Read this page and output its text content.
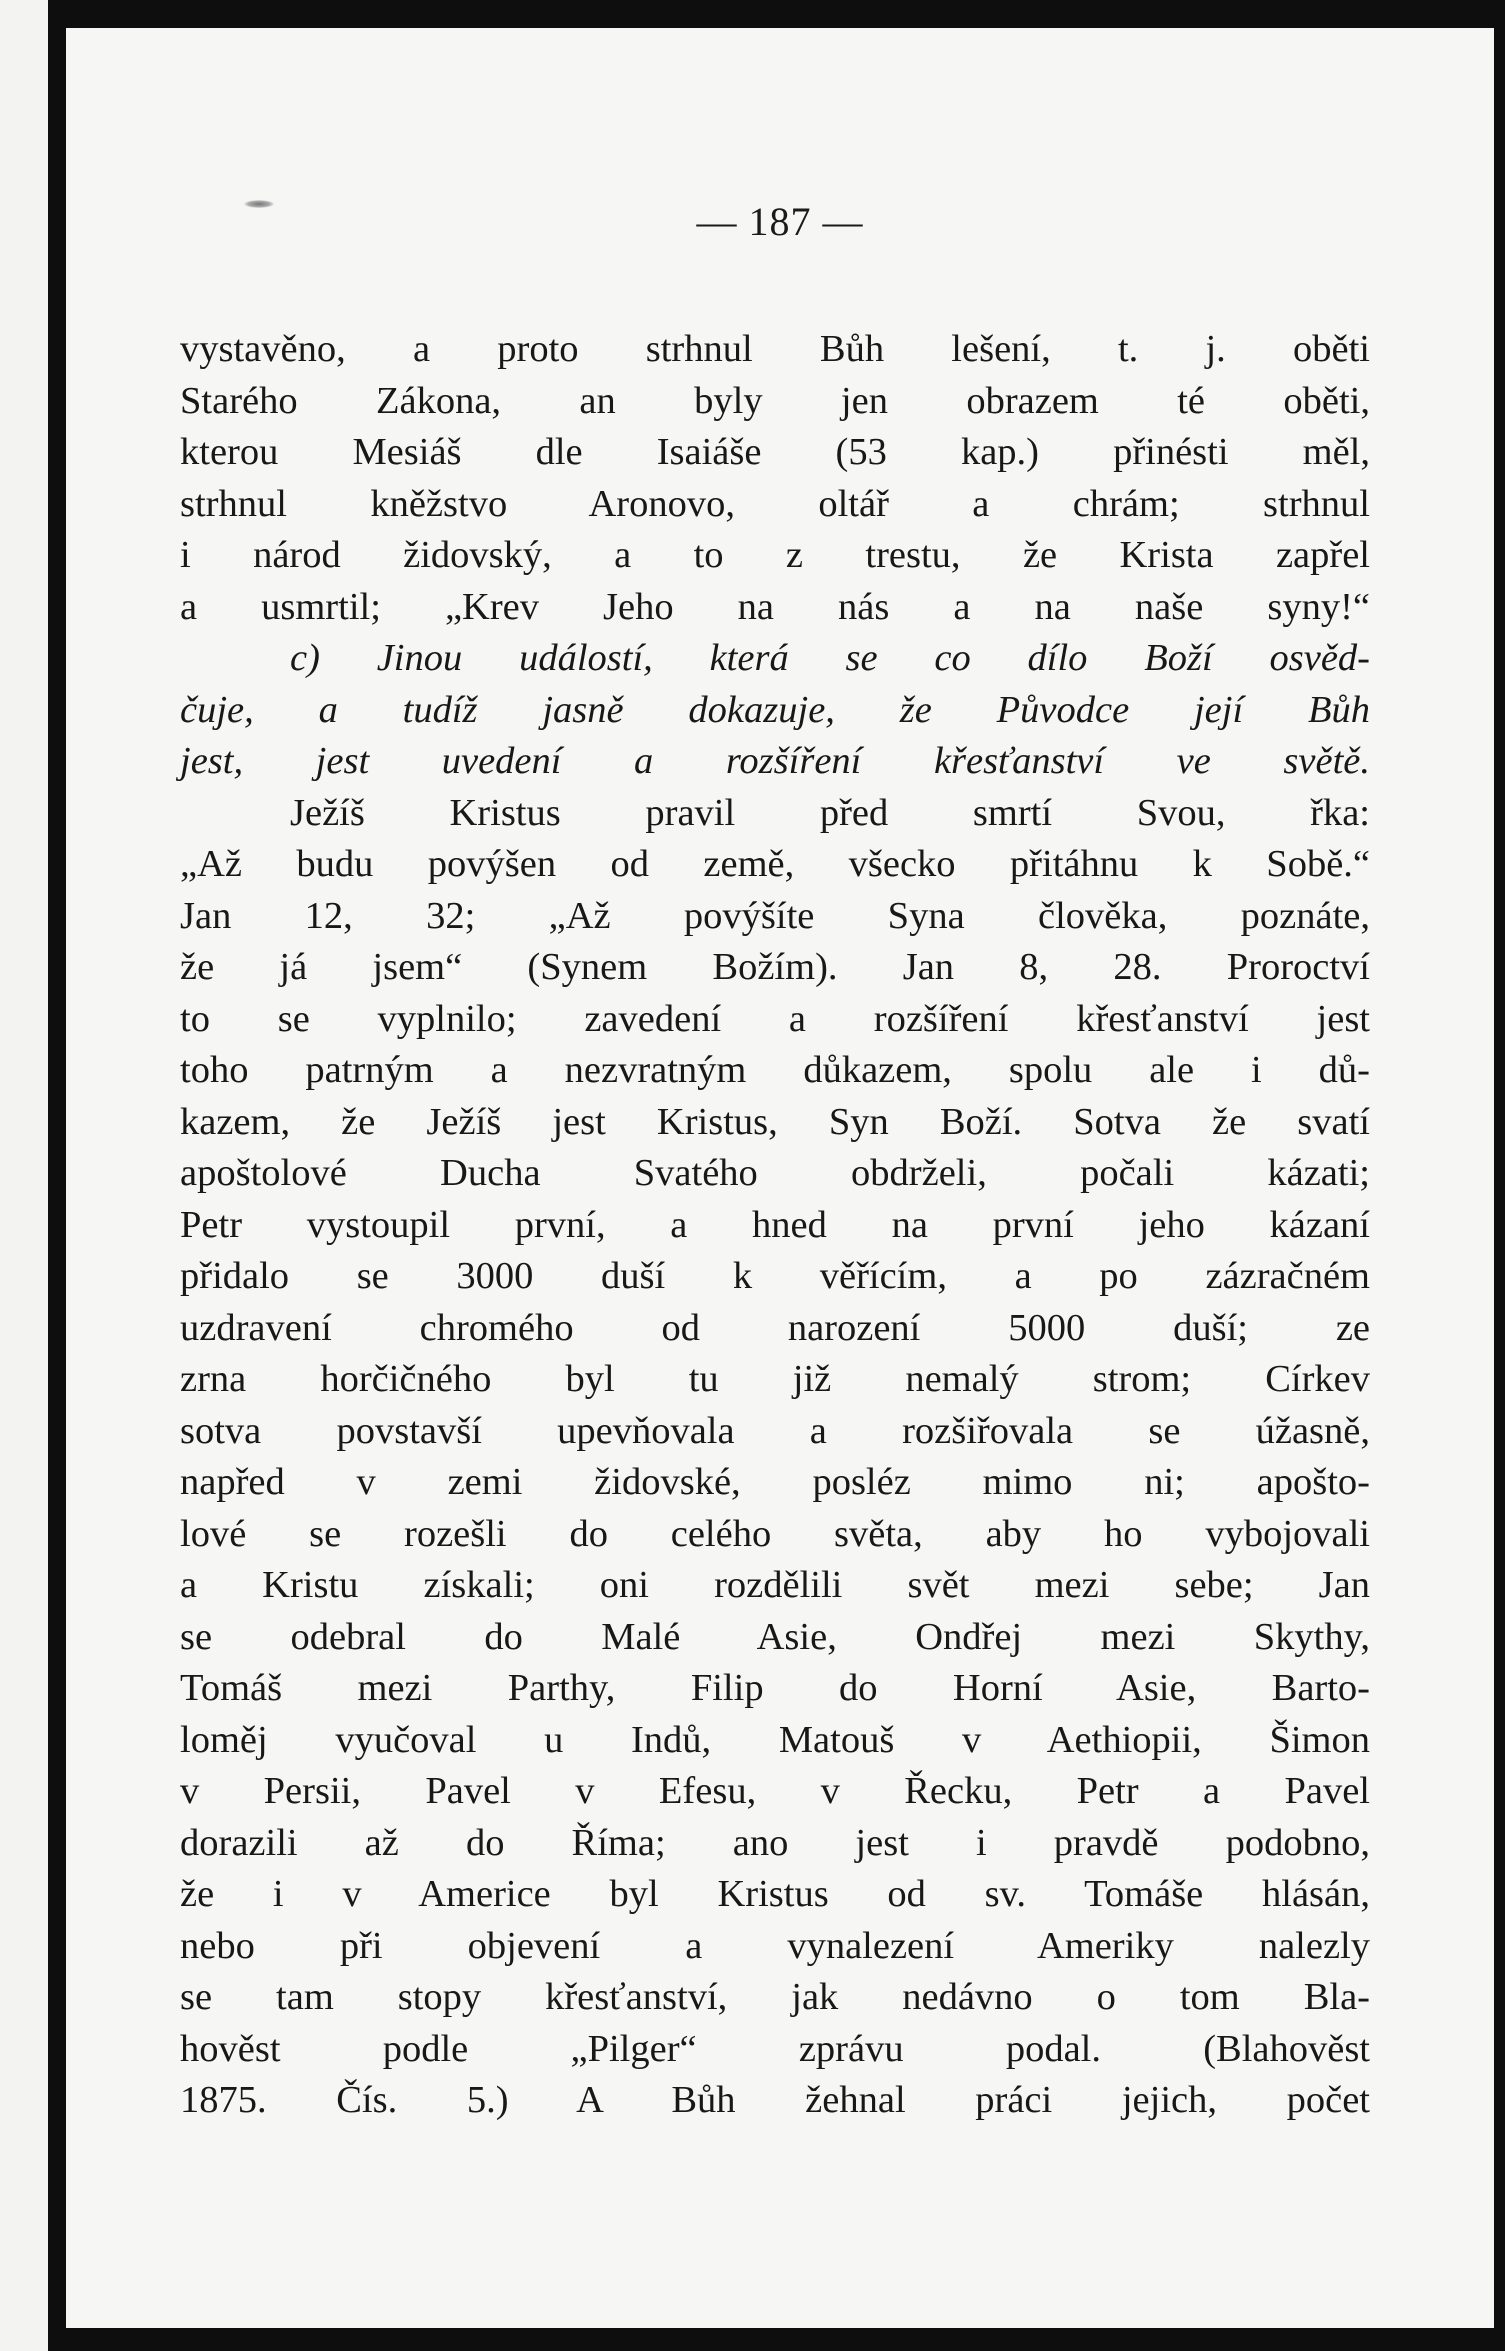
— 187 —

vystavěno, a proto strhnul Bůh lešení, t. j. oběti
Starého Zákona, an byly jen obrazem té oběti,
kterou Mesiáš dle Isaiáše (53 kap.) přinésti měl,
strhnul kněžstvo Aronovo, oltář a chrám; strhnul
i národ židovský, a to z trestu, že Krista zapřel
a usmrtil; „Krev Jeho na nás a na naše syny!“
c) Jinou událostí, která se co dílo Boží osvěd-
čuje, a tudíž jasně dokazuje, že Původce její Bůh
jest, jest uvedení a rozšíření křesťanství ve světě.
Ježíš Kristus pravil před smrtí Svou, řka:
„Až budu povýšen od země, všecko přitáhnu k Sobě.“
Jan 12, 32; „Až povýšíte Syna člověka, poznáte,
že já jsem“ (Synem Božím). Jan 8, 28. Proroctví
to se vyplnilo; zavedení a rozšíření křesťanství jest
toho patrným a nezvratným důkazem, spolu ale i dů-
kazem, že Ježíš jest Kristus, Syn Boží. Sotva že svatí
apoštolové Ducha Svatého obdrželi, počali kázati;
Petr vystoupil první, a hned na první jeho kázaní
přidalo se 3000 duší k věřícím, a po zázračném
uzdravení chromého od narození 5000 duší; ze
zrna horčičného byl tu již nemalý strom; Církev
sotva povstavší upevňovala a rozšiřovala se úžasně,
napřed v zemi židovské, posléz mimo ni; apošto-
lové se rozešli do celého světa, aby ho vybojovali
a Kristu získali; oni rozdělili svět mezi sebe; Jan
se odebral do Malé Asie, Ondřej mezi Skythy,
Tomáš mezi Parthy, Filip do Horní Asie, Barto-
loměj vyučoval u Indů, Matouš v Aethiopii, Šimon
v Persii, Pavel v Efesu, v Řecku, Petr a Pavel
dorazili až do Říma; ano jest i pravdě podobno,
že i v Americe byl Kristus od sv. Tomáše hlásán,
nebo při objevení a vynalezení Ameriky nalezly
se tam stopy křesťanství, jak nedávno o tom Bla-
hověst podle „Pilger“ zprávu podal. (Blahověst
1875. Čís. 5.) A Bůh žehnal práci jejich, počet
